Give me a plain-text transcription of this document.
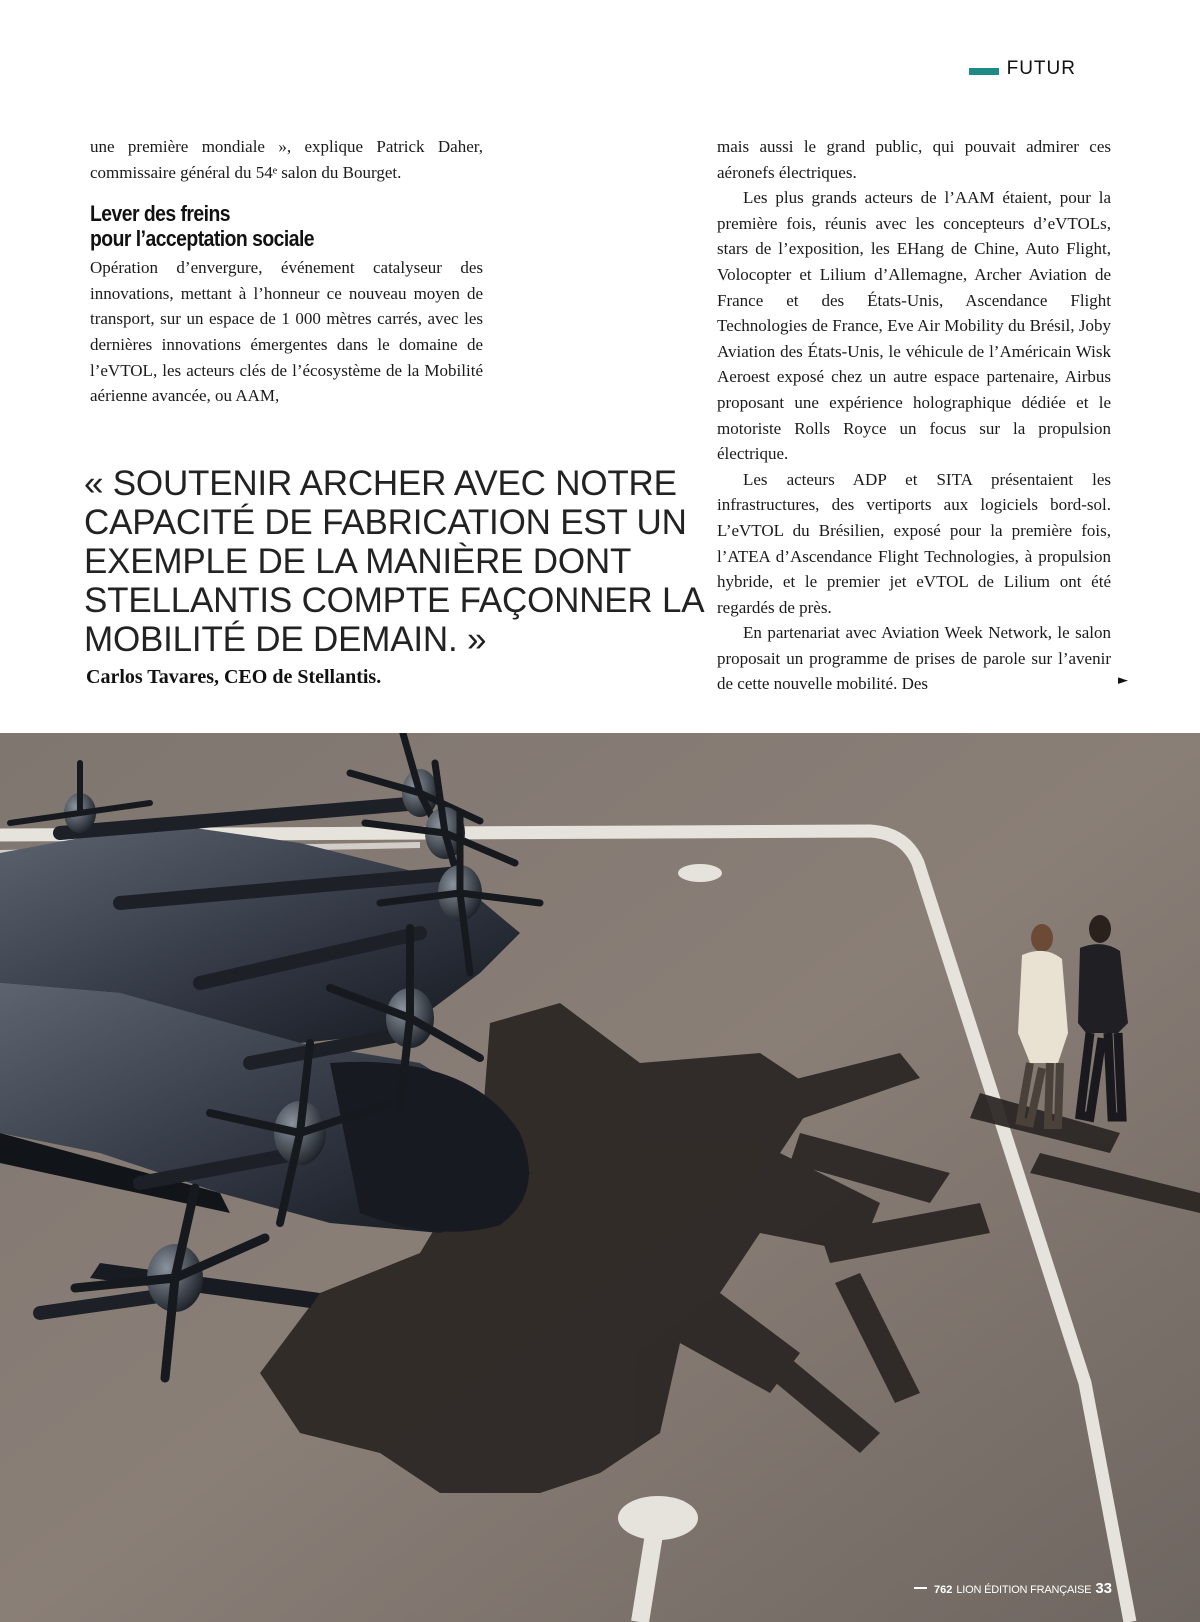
FUTUR

une première mondiale », explique Patrick Daher, commissaire général du 54ᵉ salon du Bourget.

Lever des freins
pour l’acceptation sociale

Opération d’envergure, événement catalyseur des innovations, mettant à l’honneur ce nouveau moyen de transport, sur un espace de 1 000 mètres carrés, avec les dernières innovations émergentes dans le domaine de l’eVTOL, les acteurs clés de l’écosystème de la Mobilité aérienne avancée, ou AAM,

« SOUTENIR ARCHER AVEC NOTRE CAPACITÉ DE FABRICATION EST UN EXEMPLE DE LA MANIÈRE DONT STELLANTIS COMPTE FAÇONNER LA MOBILITÉ DE DEMAIN. »
Carlos Tavares, CEO de Stellantis.

mais aussi le grand public, qui pouvait admirer ces aéronefs électriques.

Les plus grands acteurs de l’AAM étaient, pour la première fois, réunis avec les concepteurs d’eVTOLs, stars de l’exposition, les EHang de Chine, Auto Flight, Volocopter et Lilium d’Allemagne, Archer Aviation de France et des États-Unis, Ascendance Flight Technologies de France, Eve Air Mobility du Brésil, Joby Aviation des États-Unis, le véhicule de l’Américain Wisk Aeroest exposé chez un autre espace partenaire, Airbus proposant une expérience holographique dédiée et le motoriste Rolls Royce un focus sur la propulsion électrique.

Les acteurs ADP et SITA présentaient les infrastructures, des vertiports aux logiciels bord-sol. L’eVTOL du Brésilien, exposé pour la première fois, l’ATEA d’Ascendance Flight Technologies, à propulsion hybride, et le premier jet eVTOL de Lilium ont été regardés de près.

En partenariat avec Aviation Week Network, le salon proposait un programme de prises de parole sur l’avenir de cette nouvelle mobilité. Des	►
762 LION ÉDITION FRANÇAISE 33
